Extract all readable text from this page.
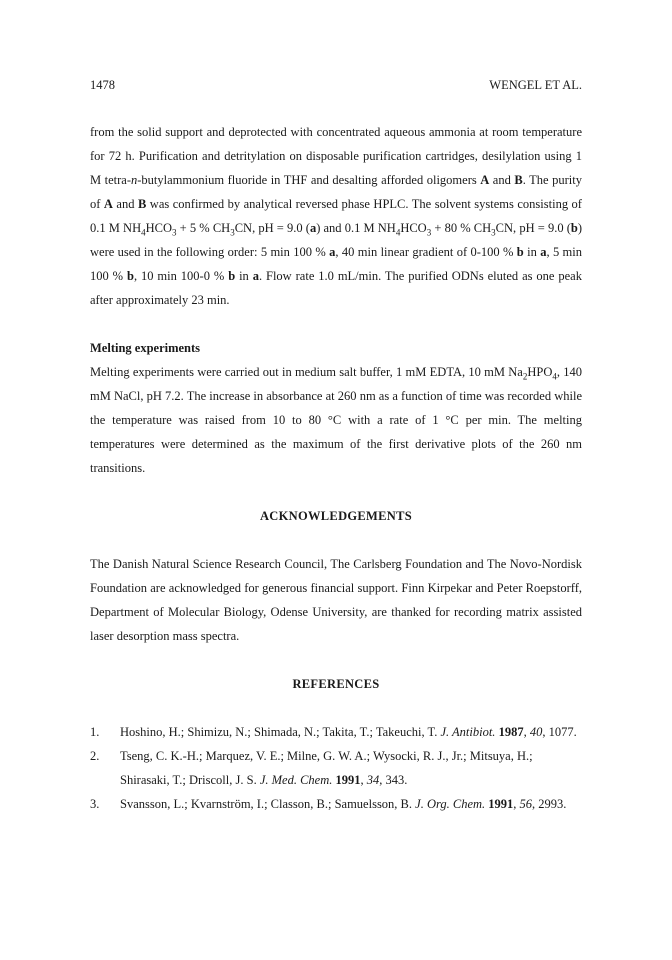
1478	WENGEL ET AL.

from the solid support and deprotected with concentrated aqueous ammonia at room temperature for 72 h. Purification and detritylation on disposable purification cartridges, desilylation using 1 M tetra-n-butylammonium fluoride in THF and desalting afforded oligomers A and B. The purity of A and B was confirmed by analytical reversed phase HPLC. The solvent systems consisting of 0.1 M $NH_4HCO_3 + 5$ % $CH_3CN$, pH = 9.0 (a) and 0.1 M $NH_4HCO_3 + 80$ % $CH_3CN$, pH = 9.0 (b) were used in the following order: 5 min 100 % a, 40 min linear gradient of 0-100 % b in a, 5 min 100 % b, 10 min 100-0 % b in a. Flow rate 1.0 mL/min. The purified ODNs eluted as one peak after approximately 23 min.

Melting experiments

Melting experiments were carried out in medium salt buffer, 1 mM EDTA, 10 mM $Na_2HPO_4$, 140 mM NaCl, pH 7.2. The increase in absorbance at 260 nm as a function of time was recorded while the temperature was raised from 10 to 80 °C with a rate of 1 °C per min. The melting temperatures were determined as the maximum of the first derivative plots of the 260 nm transitions.

ACKNOWLEDGEMENTS

The Danish Natural Science Research Council, The Carlsberg Foundation and The Novo-Nordisk Foundation are acknowledged for generous financial support. Finn Kirpekar and Peter Roepstorff, Department of Molecular Biology, Odense University, are thanked for recording matrix assisted laser desorption mass spectra.

REFERENCES

1. Hoshino, H.; Shimizu, N.; Shimada, N.; Takita, T.; Takeuchi, T. J. Antibiot. 1987, 40, 1077.
2. Tseng, C. K.-H.; Marquez, V. E.; Milne, G. W. A.; Wysocki, R. J., Jr.; Mitsuya, H.; Shirasaki, T.; Driscoll, J. S. J. Med. Chem. 1991, 34, 343.
3. Svansson, L.; Kvarnström, I.; Classon, B.; Samuelsson, B. J. Org. Chem. 1991, 56, 2993.
